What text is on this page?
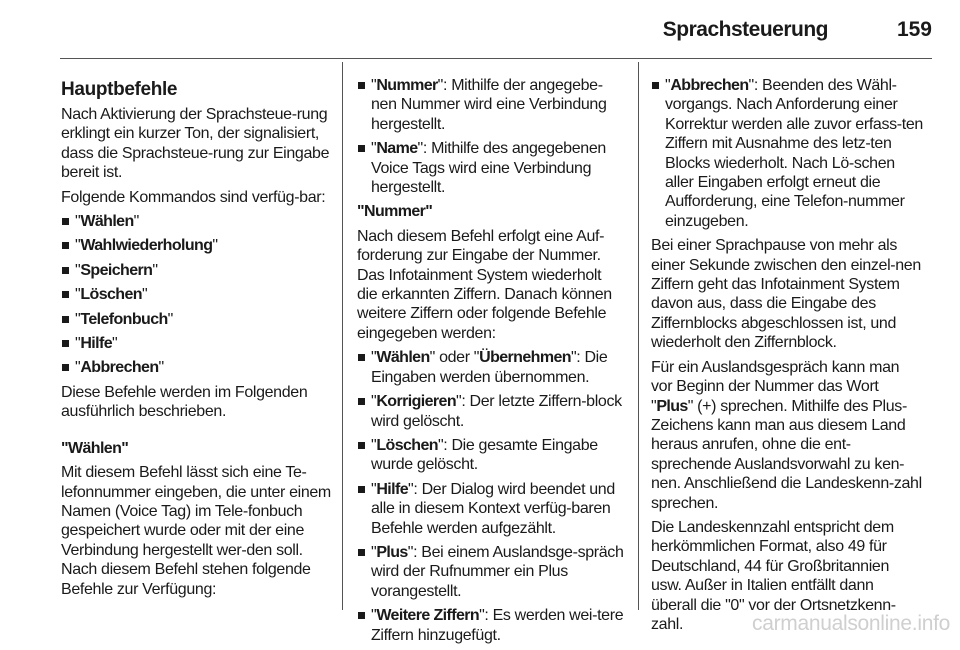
Sprachsteuerung	159

Hauptbefehle

Nach Aktivierung der Sprachsteue-rung erklingt ein kurzer Ton, der signalisiert, dass die Sprachsteue-rung zur Eingabe bereit ist.

Folgende Kommandos sind verfüg-bar:

"Wählen"
"Wahlwiederholung"
"Speichern"
"Löschen"
"Telefonbuch"
"Hilfe"
"Abbrechen"

Diese Befehle werden im Folgenden ausführlich beschrieben.

"Wählen"

Mit diesem Befehl lässt sich eine Te-lefonnummer eingeben, die unter einem Namen (Voice Tag) im Tele-fonbuch gespeichert wurde oder mit der eine Verbindung hergestellt wer-den soll. Nach diesem Befehl stehen folgende Befehle zur Verfügung:

"Nummer": Mithilfe der angegebe-nen Nummer wird eine Verbindung hergestellt.
"Name": Mithilfe des angegebenen Voice Tags wird eine Verbindung hergestellt.

"Nummer"

Nach diesem Befehl erfolgt eine Auf-forderung zur Eingabe der Nummer. Das Infotainment System wiederholt die erkannten Ziffern. Danach können weitere Ziffern oder folgende Befehle eingegeben werden:

"Wählen" oder "Übernehmen": Die Eingaben werden übernommen.
"Korrigieren": Der letzte Ziffern-block wird gelöscht.
"Löschen": Die gesamte Eingabe wurde gelöscht.
"Hilfe": Der Dialog wird beendet und alle in diesem Kontext verfüg-baren Befehle werden aufgezählt.
"Plus": Bei einem Auslandsge-spräch wird der Rufnummer ein Plus vorangestellt.
"Weitere Ziffern": Es werden wei-tere Ziffern hinzugefügt.
"Abbrechen": Beenden des Wähl-vorgangs. Nach Anforderung einer Korrektur werden alle zuvor erfass-ten Ziffern mit Ausnahme des letz-ten Blocks wiederholt. Nach Lö-schen aller Eingaben erfolgt erneut die Aufforderung, eine Telefon-nummer einzugeben.

Bei einer Sprachpause von mehr als einer Sekunde zwischen den einzel-nen Ziffern geht das Infotainment System davon aus, dass die Eingabe des Ziffernblocks abgeschlossen ist, und wiederholt den Ziffernblock.

Für ein Auslandsgespräch kann man vor Beginn der Nummer das Wort "Plus" (+) sprechen. Mithilfe des Plus-Zeichens kann man aus diesem Land heraus anrufen, ohne die ent-sprechende Auslandsvorwahl zu ken-nen. Anschließend die Landeskenn-zahl sprechen.

Die Landeskennzahl entspricht dem herkömmlichen Format, also 49 für Deutschland, 44 für Großbritannien usw. Außer in Italien entfällt dann überall die "0" vor der Ortsnetzkenn-zahl.	carmanualsonline.info
